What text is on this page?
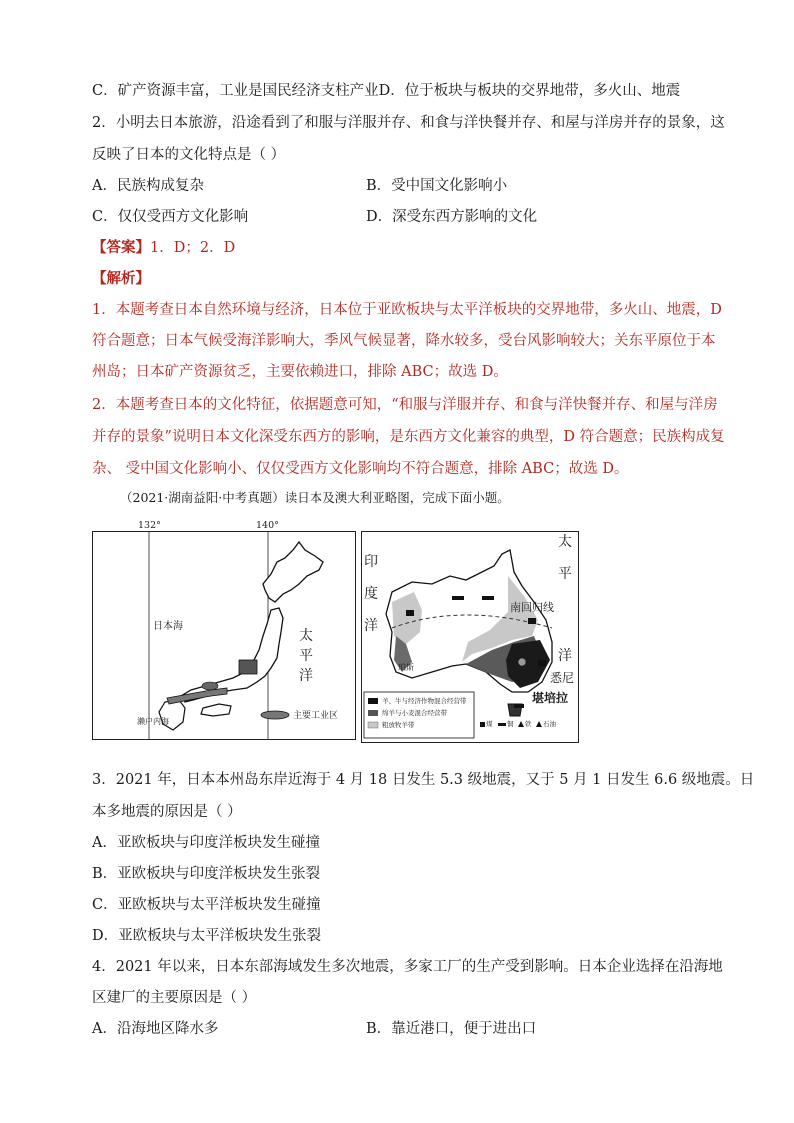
C．矿产资源丰富，工业是国民经济支柱产业D．位于板块与板块的交界地带，多火山、地震
2．小明去日本旅游，沿途看到了和服与洋服并存、和食与洋快餐并存、和屋与洋房并存的景象，这
反映了日本的文化特点是（ ）
A．民族构成复杂	B．受中国文化影响小
C．仅仅受西方文化影响	D．深受东西方影响的文化
【答案】1．D；2．D
【解析】
1．本题考查日本自然环境与经济，日本位于亚欧板块与太平洋板块的交界地带，多火山、地震，D
符合题意；日本气候受海洋影响大，季风气候显著，降水较多，受台风影响较大；关东平原位于本
州岛；日本矿产资源贫乏，主要依赖进口，排除 ABC；故选 D。
2．本题考查日本的文化特征，依据题意可知，“和服与洋服并存、和食与洋快餐并存、和屋与洋房
并存的景象”说明日本文化深受东西方的影响，是东西方文化兼容的典型，D 符合题意；民族构成复
杂、 受中国文化影响小、仅仅受西方文化影响均不符合题意，排除 ABC；故选 D。
（2021·湖南益阳·中考真题）读日本及澳大利亚略图，完成下面小题。
日本海
太
平
洋
濑户内海
主要工业区
132°	140°
印
度
洋
太
平
洋
南回归线
珀斯
悉尼
堪培拉
羊、牛与经济作物混合经营带
绵羊与小麦混合经营带
粗放牧羊带	煤 铜 铁 石油
3．2021 年，日本本州岛东岸近海于 4 月 18 日发生 5.3 级地震，又于 5 月 1 日发生 6.6 级地震。日
本多地震的原因是（ ）
A．亚欧板块与印度洋板块发生碰撞
B．亚欧板块与印度洋板块发生张裂
C．亚欧板块与太平洋板块发生碰撞
D．亚欧板块与太平洋板块发生张裂
4．2021 年以来，日本东部海域发生多次地震，多家工厂的生产受到影响。日本企业选择在沿海地
区建厂的主要原因是（ ）
A．沿海地区降水多	B．靠近港口，便于进出口
